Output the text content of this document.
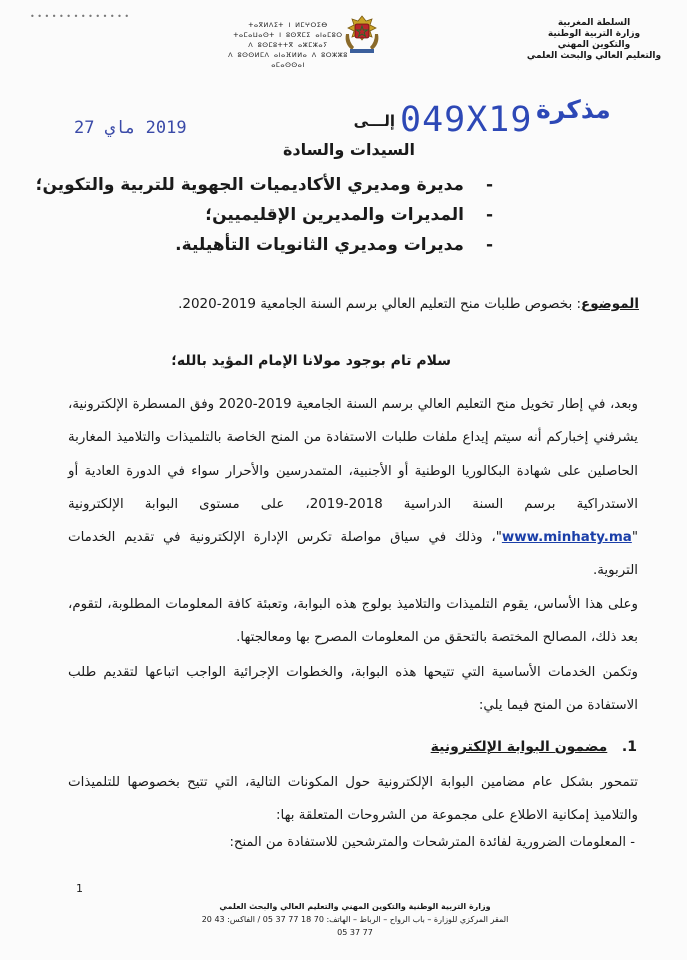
• • • • • • • • • • • • • •
ⵜⴰⴳⵍⴷⵉⵜ ⵏ ⵍⵎⵖⵔⵉⴱ
ⵜⴰⵎⴰⵡⴰⵙⵜ ⵏ ⵓⵙⴳⵎⵉ ⴰⵏⴰⵎⵓⵔ
ⴷ ⵓⵙⵎⵓⵜⵜⴳ ⴰⵣⵎⵣⴰⵢ
ⴷ ⵓⵙⵙⵍⵎⴷ ⴰⵏⴰⴼⵍⵍⴰ ⴷ ⵓⵔⵣⵣⵓ ⴰⵎⴰⵙⵙⴰⵏ
السلطة المغربية
وزارة التربية الوطنية
والتكوين المهني
والتعليم العالي والبحث العلمي
2019 ماي 27	049X19 مذكرة
إلـــى
السيدات والسادة
-مديرة ومديري الأكاديميات الجهوية للتربية والتكوين؛
-المديرات والمديرين الإقليميين؛
-مديرات ومديري الثانويات التأهيلية.
الموضوع: بخصوص طلبات منح التعليم العالي برسم السنة الجامعية 2019-2020.
سلام تام بوجود مولانا الإمام المؤيد بالله؛
وبعد، في إطار تخويل منح التعليم العالي برسم السنة الجامعية 2019-2020 وفق المسطرة الإلكترونية، يشرفني إخباركم أنه سيتم إيداع ملفات طلبات الاستفادة من المنح الخاصة بالتلميذات والتلاميذ المغاربة الحاصلين على شهادة البكالوريا الوطنية أو الأجنبية، المتمدرسين والأحرار سواء في الدورة العادية أو الاستدراكية برسم السنة الدراسية 2018-2019، على مستوى البوابة الإلكترونية "www.minhaty.ma"، وذلك في سياق مواصلة تكرس الإدارة الإلكترونية في تقديم الخدمات التربوية.
وعلى هذا الأساس، يقوم التلميذات والتلاميذ بولوج هذه البوابة، وتعبئة كافة المعلومات المطلوبة، لتقوم، بعد ذلك، المصالح المختصة بالتحقق من المعلومات المصرح بها ومعالجتها.
وتكمن الخدمات الأساسية التي تتيحها هذه البوابة، والخطوات الإجرائية الواجب اتباعها لتقديم طلب الاستفادة من المنح فيما يلي:
1.   مضمون البوابة الإلكترونية
تتمحور بشكل عام مضامين البوابة الإلكترونية حول المكونات التالية، التي تتيح بخصوصها للتلميذات والتلاميذ إمكانية الاطلاع على مجموعة من الشروحات المتعلقة بها:
- المعلومات الضرورية لفائدة المترشحات والمترشحين للاستفادة من المنح:
1
وزارة التربية الوطنية والتكوين المهني والتعليم العالي والبحث العلمي
المقر المركزي للوزارة – باب الرواح – الرباط – الهاتف: 70 18 77 37 05 / الفاكس: 43 20 77 37 05
